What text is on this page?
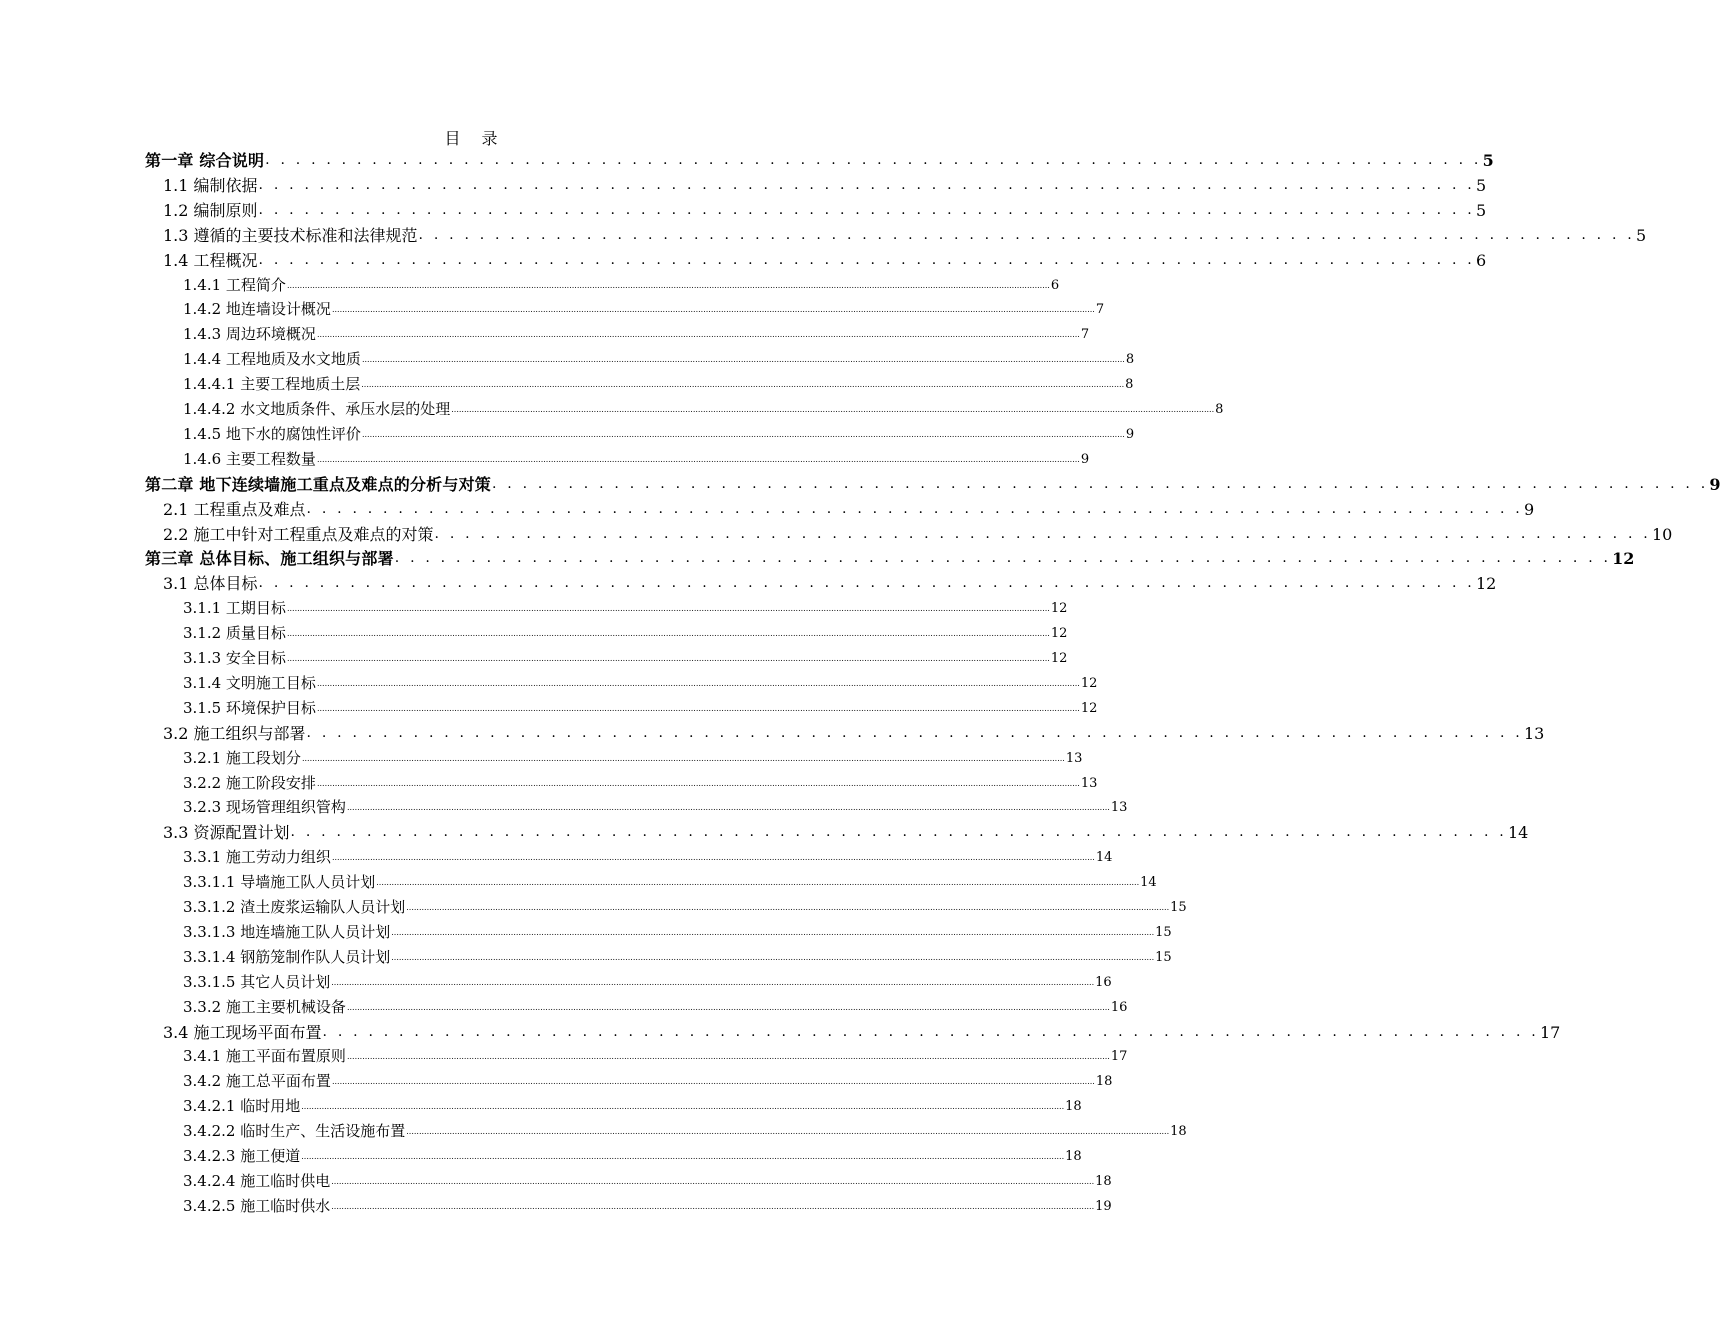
目 录
第一章 综合说明 . . . . . . . . . . . . . . . . . . . . . . . . . . . . . . . . . . . . . . . . . . . . . . . . . . . . . . . . . . . . . . . . . . . . . . . . . . . . . . . . 5
1.1 编制依据 . . . . . . . . . . . . . . . . . . . . . . . . . . . . . . . . . . . . . . . . . . . . . . . . . . . . . . . . . . . . . . . . . . . . . . . . . . . . . . . . 5
1.2 编制原则 . . . . . . . . . . . . . . . . . . . . . . . . . . . . . . . . . . . . . . . . . . . . . . . . . . . . . . . . . . . . . . . . . . . . . . . . . . . . . . . . 5
1.3 遵循的主要技术标准和法律规范 . . . . . . . . . . . . . . . . . . . . . . . . . . . . . . . . . . . . . . . . . . . . . . . . . . . . . . . . . . . . . . . . . . . . . . . . . . . . . . . . 5
1.4 工程概况 . . . . . . . . . . . . . . . . . . . . . . . . . . . . . . . . . . . . . . . . . . . . . . . . . . . . . . . . . . . . . . . . . . . . . . . . . . . . . . . . 6
1.4.1 工程简介 ............................................................................................................................................................................................................................................................................................................ 6
1.4.2 地连墙设计概况 ............................................................................................................................................................................................................................................................................................................ 7
1.4.3 周边环境概况 ............................................................................................................................................................................................................................................................................................................ 7
1.4.4 工程地质及水文地质 ............................................................................................................................................................................................................................................................................................................ 8
1.4.4.1 主要工程地质土层 ............................................................................................................................................................................................................................................................................................................ 8
1.4.4.2 水文地质条件、承压水层的处理 ............................................................................................................................................................................................................................................................................................................ 8
1.4.5 地下水的腐蚀性评价 ............................................................................................................................................................................................................................................................................................................ 9
1.4.6 主要工程数量 ............................................................................................................................................................................................................................................................................................................ 9
第二章 地下连续墙施工重点及难点的分析与对策 . . . . . . . . . . . . . . . . . . . . . . . . . . . . . . . . . . . . . . . . . . . . . . . . . . . . . . . . . . . . . . . . . . . . . . . . . . . . . . . . 9
2.1 工程重点及难点 . . . . . . . . . . . . . . . . . . . . . . . . . . . . . . . . . . . . . . . . . . . . . . . . . . . . . . . . . . . . . . . . . . . . . . . . . . . . . . . . 9
2.2 施工中针对工程重点及难点的对策 . . . . . . . . . . . . . . . . . . . . . . . . . . . . . . . . . . . . . . . . . . . . . . . . . . . . . . . . . . . . . . . . . . . . . . . . . . . . . . . . 10
第三章 总体目标、施工组织与部署 . . . . . . . . . . . . . . . . . . . . . . . . . . . . . . . . . . . . . . . . . . . . . . . . . . . . . . . . . . . . . . . . . . . . . . . . . . . . . . . . 12
3.1 总体目标 . . . . . . . . . . . . . . . . . . . . . . . . . . . . . . . . . . . . . . . . . . . . . . . . . . . . . . . . . . . . . . . . . . . . . . . . . . . . . . . . 12
3.1.1 工期目标 ............................................................................................................................................................................................................................................................................................................ 12
3.1.2 质量目标 ............................................................................................................................................................................................................................................................................................................ 12
3.1.3 安全目标 ............................................................................................................................................................................................................................................................................................................ 12
3.1.4 文明施工目标 ............................................................................................................................................................................................................................................................................................................ 12
3.1.5 环境保护目标 ............................................................................................................................................................................................................................................................................................................ 12
3.2 施工组织与部署 . . . . . . . . . . . . . . . . . . . . . . . . . . . . . . . . . . . . . . . . . . . . . . . . . . . . . . . . . . . . . . . . . . . . . . . . . . . . . . . . 13
3.2.1 施工段划分 ............................................................................................................................................................................................................................................................................................................ 13
3.2.2 施工阶段安排 ............................................................................................................................................................................................................................................................................................................ 13
3.2.3 现场管理组织管构 ............................................................................................................................................................................................................................................................................................................ 13
3.3 资源配置计划 . . . . . . . . . . . . . . . . . . . . . . . . . . . . . . . . . . . . . . . . . . . . . . . . . . . . . . . . . . . . . . . . . . . . . . . . . . . . . . . . 14
3.3.1 施工劳动力组织 ............................................................................................................................................................................................................................................................................................................ 14
3.3.1.1 导墙施工队人员计划 ............................................................................................................................................................................................................................................................................................................ 14
3.3.1.2 渣土废浆运输队人员计划 ............................................................................................................................................................................................................................................................................................................ 15
3.3.1.3 地连墙施工队人员计划 ............................................................................................................................................................................................................................................................................................................ 15
3.3.1.4 钢筋笼制作队人员计划 ............................................................................................................................................................................................................................................................................................................ 15
3.3.1.5 其它人员计划 ............................................................................................................................................................................................................................................................................................................ 16
3.3.2 施工主要机械设备 ............................................................................................................................................................................................................................................................................................................ 16
3.4 施工现场平面布置 . . . . . . . . . . . . . . . . . . . . . . . . . . . . . . . . . . . . . . . . . . . . . . . . . . . . . . . . . . . . . . . . . . . . . . . . . . . . . . . . 17
3.4.1 施工平面布置原则 ............................................................................................................................................................................................................................................................................................................ 17
3.4.2 施工总平面布置 ............................................................................................................................................................................................................................................................................................................ 18
3.4.2.1 临时用地 ............................................................................................................................................................................................................................................................................................................ 18
3.4.2.2 临时生产、生活设施布置 ............................................................................................................................................................................................................................................................................................................ 18
3.4.2.3 施工便道 ............................................................................................................................................................................................................................................................................................................ 18
3.4.2.4 施工临时供电 ............................................................................................................................................................................................................................................................................................................ 18
3.4.2.5 施工临时供水 ............................................................................................................................................................................................................................................................................................................ 19
